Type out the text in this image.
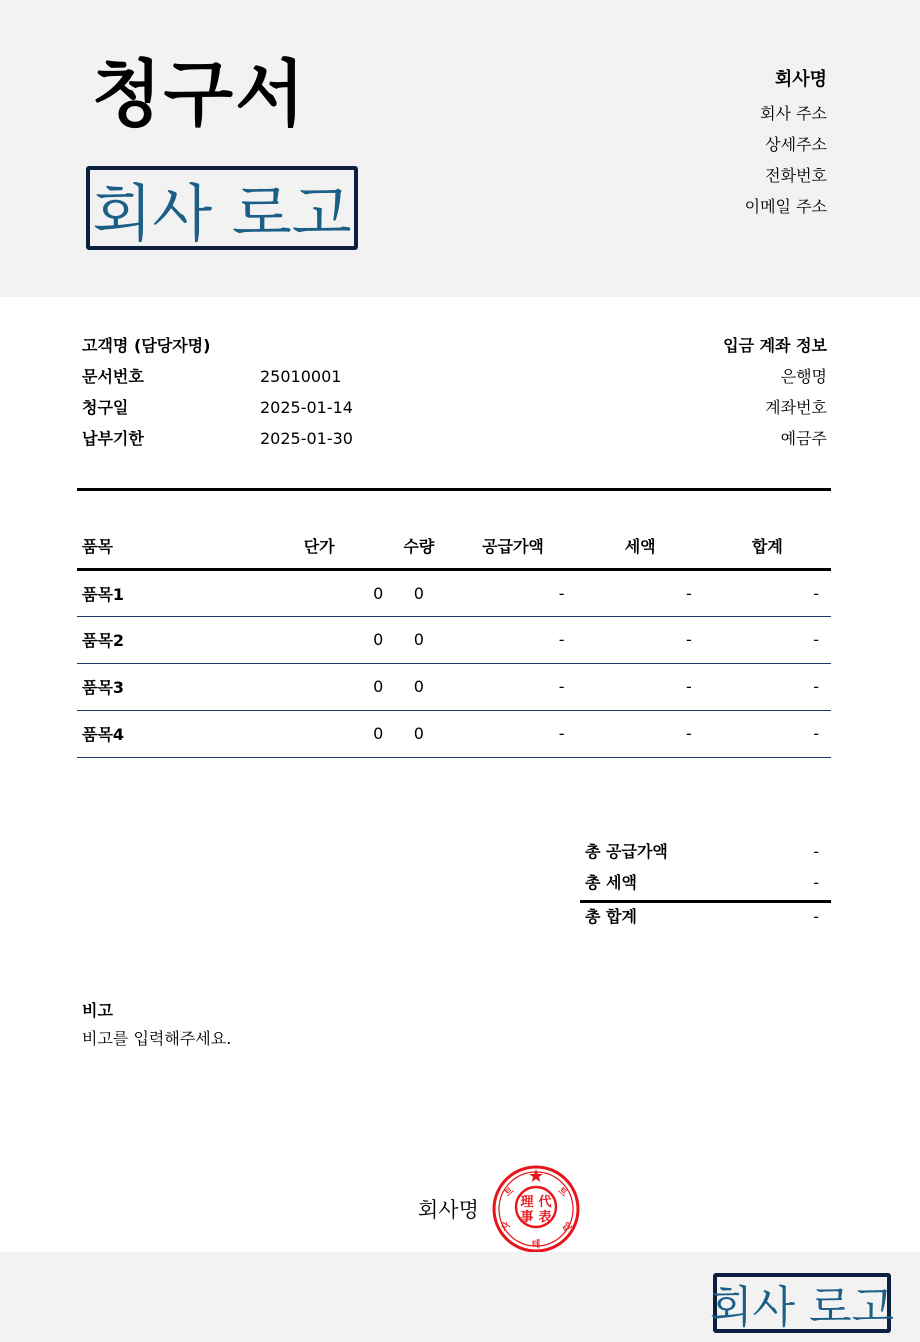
청구서
회사 로고
회사명
회사 주소
상세주소
전화번호
이메일 주소
고객명 (담당자명)
문서번호	25010001
청구일	2025-01-14
납부기한	2025-01-30
입금 계좌 정보
은행명
계좌번호
예금주
품목	단가	수량	공급가액	세액	합계
품목1	0	0	-	-	-
품목2	0	0	-	-	-
품목3	0	0	-	-	-
품목4	0	0	-	-	-
총 공급가액	-
총 세액	-
총 합계	-
비고
비고를 입력해주세요.
회사명	理 代
事 表
트	트
사	입
테
회사 로고
